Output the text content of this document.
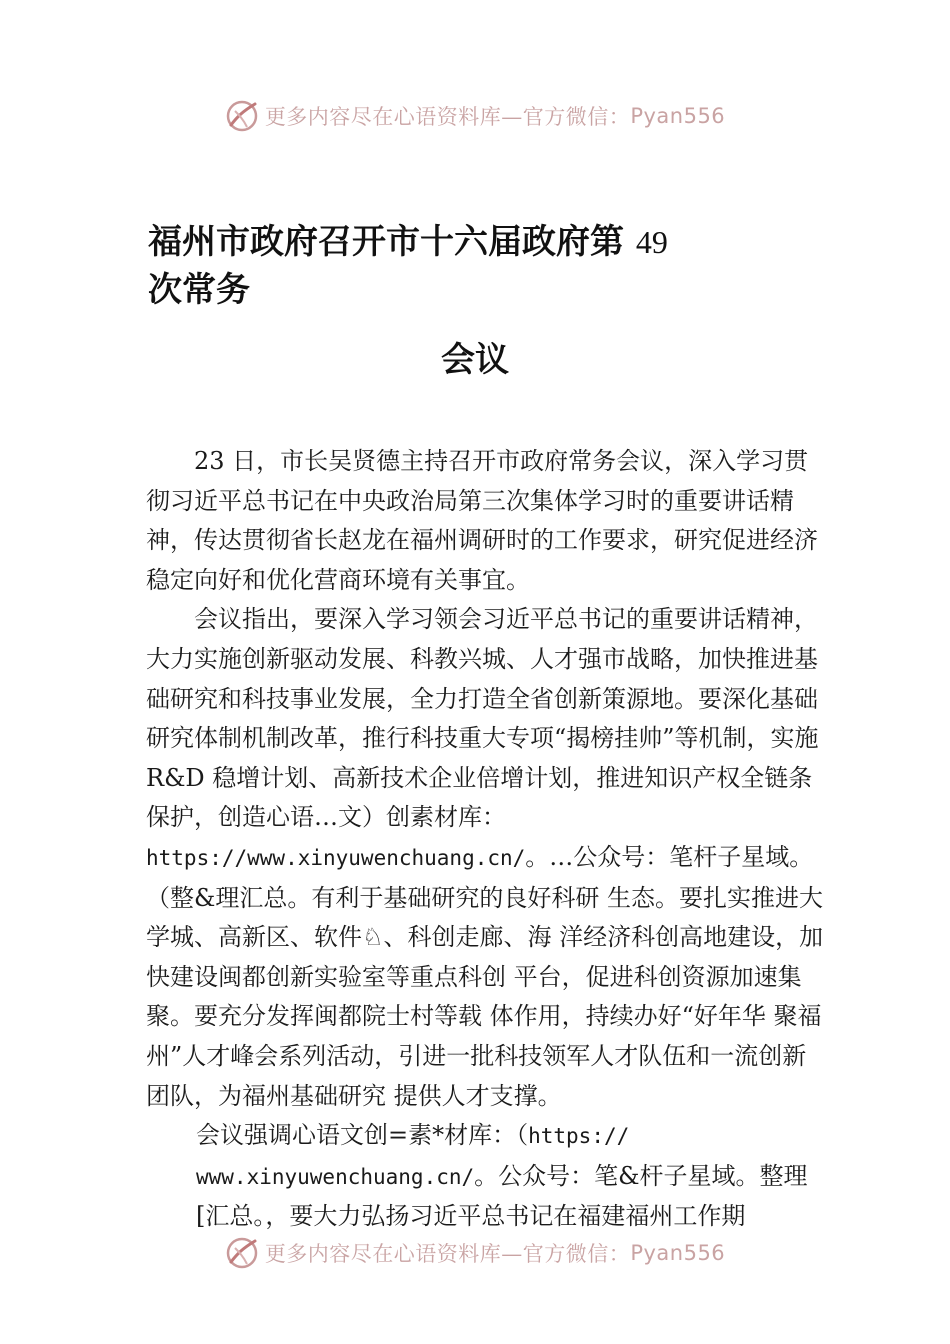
更多内容尽在心语资料库—官方微信： Pyan556
福州市政府召开市十六届政府第 49
次常务
会议

23 日，市长吴贤德主持召开市政府常务会议，深入学习贯彻习近平总书记在中央政治局第三次集体学习时的重要讲话精神，传达贯彻省长赵龙在福州调研时的工作要求，研究促进经济稳定向好和优化营商环境有关事宜。

会议指出，要深入学习领会习近平总书记的重要讲话精神，大力实施创新驱动发展、科教兴城、人才强市战略，加快推进基础研究和科技事业发展，全力打造全省创新策源地。要深化基础研究体制机制改革，推行科技重大专项“揭榜挂帅”等机制，实施 R&D 稳增计划、高新技术企业倍增计划，推进知识产权全链条保护，创造心语…文）创素材库：https://www.xinyuwenchuang.cn/。…公众号：笔杆子星域。（整&理汇总。有利于基础研究的良好科研 生态。要扎实推进大学城、高新区、软件♘、科创走廊、海 洋经济科创高地建设，加快建设闽都创新实验室等重点科创 平台，促进科创资源加速集聚。要充分发挥闽都院士村等载 体作用，持续办好“好年华 聚福州”人才峰会系列活动，引进一批科技领军人才队伍和一流创新团队，为福州基础研究 提供人才支撑。

会议强调心语文创=素*材库：（https:// www.xinyuwenchuang.cn/。公众号：笔&杆子星域。整理[汇总。，要大力弘扬习近平总书记在福建福州工作期

更多内容尽在心语资料库—官方微信： Pyan556
